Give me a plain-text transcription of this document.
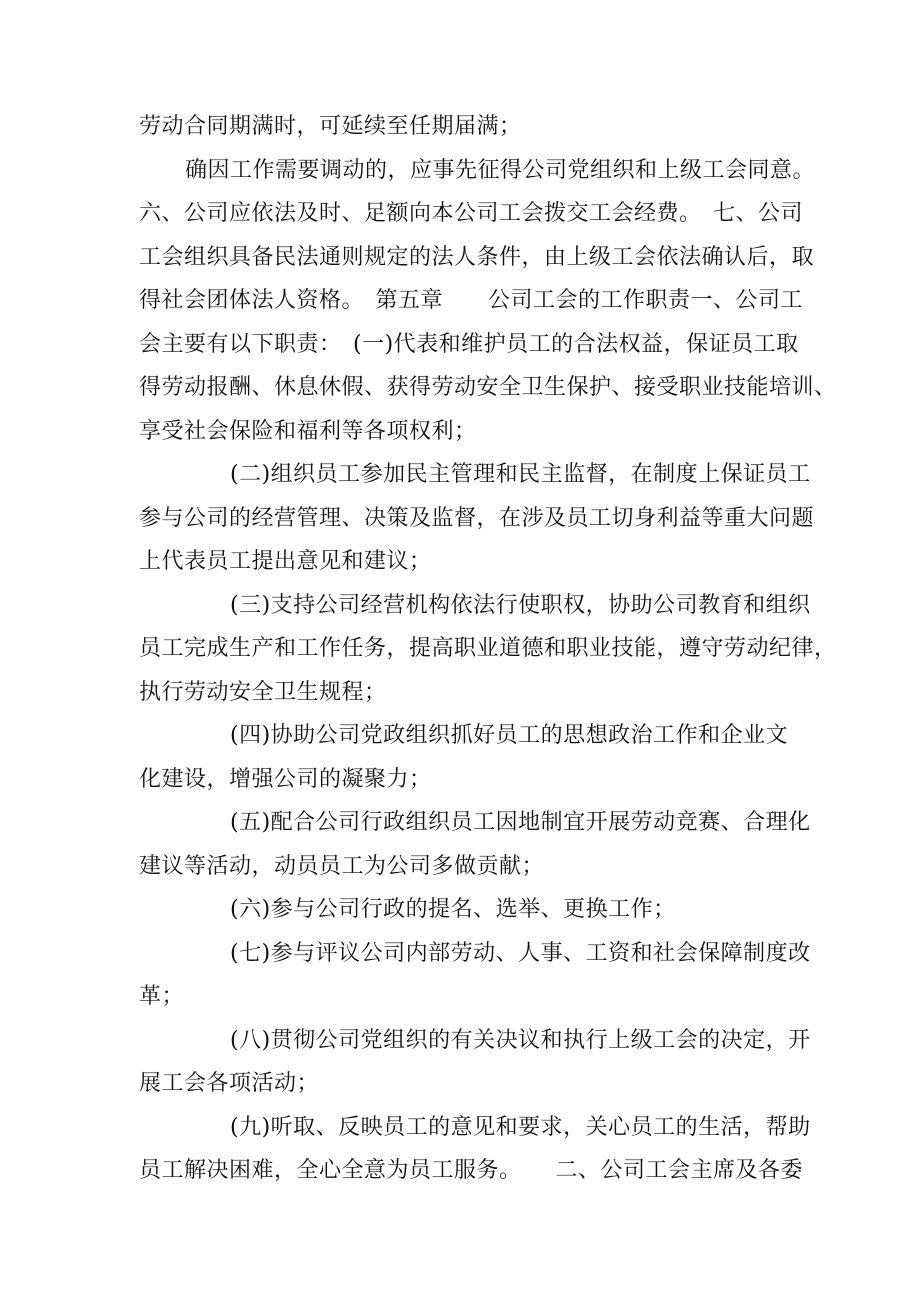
劳动合同期满时，可延续至任期届满；
确因工作需要调动的，应事先征得公司党组织和上级工会同意。
六、公司应依法及时、足额向本公司工会拨交工会经费。　七、公司
工会组织具备民法通则规定的法人条件，由上级工会依法确认后，取
得社会团体法人资格。　第五章　　公司工会的工作职责一、公司工
会主要有以下职责：　(一)代表和维护员工的合法权益，保证员工取
得劳动报酬、休息休假、获得劳动安全卫生保护、接受职业技能培训、
享受社会保险和福利等各项权利；
(二)组织员工参加民主管理和民主监督，在制度上保证员工
参与公司的经营管理、决策及监督，在涉及员工切身利益等重大问题
上代表员工提出意见和建议；
(三)支持公司经营机构依法行使职权，协助公司教育和组织
员工完成生产和工作任务，提高职业道德和职业技能，遵守劳动纪律，
执行劳动安全卫生规程；
(四)协助公司党政组织抓好员工的思想政治工作和企业文
化建设，增强公司的凝聚力；
(五)配合公司行政组织员工因地制宜开展劳动竞赛、合理化
建议等活动，动员员工为公司多做贡献；
(六)参与公司行政的提名、选举、更换工作；
(七)参与评议公司内部劳动、人事、工资和社会保障制度改
革；
(八)贯彻公司党组织的有关决议和执行上级工会的决定，开
展工会各项活动；
(九)听取、反映员工的意见和要求，关心员工的生活，帮助
员工解决困难，全心全意为员工服务。　　二、公司工会主席及各委
